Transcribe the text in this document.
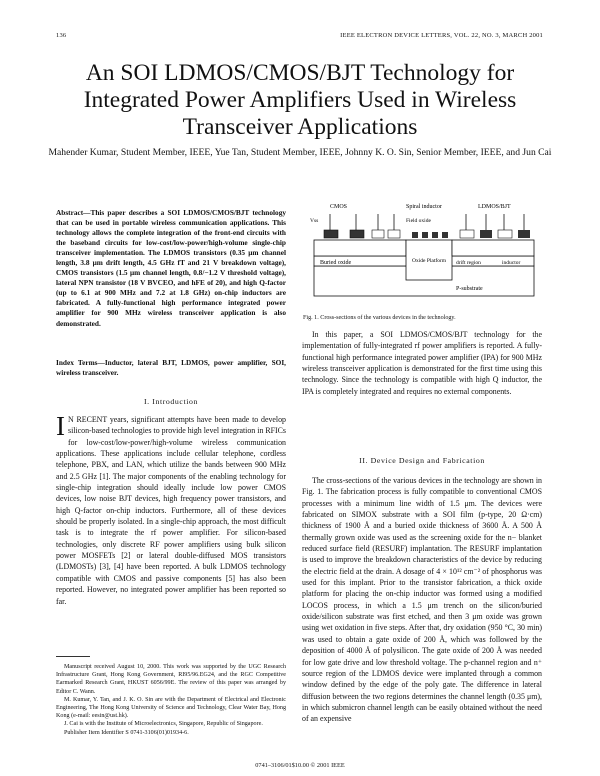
136	IEEE ELECTRON DEVICE LETTERS, VOL. 22, NO. 3, MARCH 2001
An SOI LDMOS/CMOS/BJT Technology for Integrated Power Amplifiers Used in Wireless Transceiver Applications
Mahender Kumar, Student Member, IEEE, Yue Tan, Student Member, IEEE, Johnny K. O. Sin, Senior Member, IEEE, and Jun Cai
Abstract—This paper describes a SOI LDMOS/CMOS/BJT technology that can be used in portable wireless communication applications. This technology allows the complete integration of the front-end circuits with the baseband circuits for low-cost/low-power/high-volume single-chip transceiver implementation. The LDMOS transistors (0.35 μm channel length, 3.8 μm drift length, 4.5 GHz fT and 21 V breakdown voltage), CMOS transistors (1.5 μm channel length, 0.8/−1.2 V threshold voltage), lateral NPN transistor (18 V BVCEO, and hFE of 20), and high Q-factor (up to 6.1 at 900 MHz and 7.2 at 1.8 GHz) on-chip inductors are fabricated. A fully-functional high performance integrated power amplifier for 900 MHz wireless transceiver application is also demonstrated.
Index Terms—Inductor, lateral BJT, LDMOS, power amplifier, SOI, wireless transceiver.
I. Introduction
I N RECENT years, significant attempts have been made to develop silicon-based technologies to provide high level integration in RFICs for low-cost/low-power/high-volume wireless communication applications. These applications include cellular telephone, cordless telephone, PBX, and LAN, which utilize the bands between 900 MHz and 2.5 GHz [1]. The major components of the enabling technology for single-chip integration should ideally include low power CMOS devices, low noise BJT devices, high frequency power transistors, and high Q-factor on-chip inductors. Furthermore, all of these devices should be properly isolated. In a single-chip approach, the most difficult task is to integrate the rf power amplifier. For silicon-based technologies, only discrete RF power amplifiers using bulk silicon power MOSFETs [2] or lateral double-diffused MOS transistors (LDMOSTs) [3], [4] have been reported. A bulk LDMOS technology compatible with CMOS and passive components [5] has also been reported. However, no integrated power amplifier has been reported so far.

Manuscript received August 10, 2000. This work was supported by the UGC Research Infrastructure Grant, Hong Kong Government, RI95/96.EG24, and the RGC Competitive Earmarked Research Grant, HKUST 6056/99E. The review of this paper was arranged by Editor C. Wann.

M. Kumar, Y. Tan, and J. K. O. Sin are with the Department of Electrical and Electronic Engineering, The Hong Kong University of Science and Technology, Clear Water Bay, Hong Kong (e-mail: eesin@ust.hk).

J. Cai is with the Institute of Microelectronics, Singapore, Republic of Singapore.

Publisher Item Identifier S 0741-3106(01)01934-6.

CMOS	Spiral inductor	LDMOS/BJT
Field oxide
Buried oxide	Oxide Platform drift region	inductor
P-substrate
Vss
Fig. 1. Cross-sections of the various devices in the technology.
In this paper, a SOI LDMOS/CMOS/BJT technology for the implementation of fully-integrated rf power amplifiers is reported. A fully-functional high performance integrated power amplifier (IPA) for 900 MHz wireless transceiver application is demonstrated for the first time using this technology. Since the technology is compatible with high Q inductor, the IPA is completely integrated and requires no external components.
II. Device Design and Fabrication
The cross-sections of the various devices in the technology are shown in Fig. 1. The fabrication process is fully compatible to conventional CMOS processes with a minimum line width of 1.5 μm. The devices were fabricated on SIMOX substrate with a SOI film (p-type, 20 Ω·cm) thickness of 1900 Å and a buried oxide thickness of 3600 Å. A 500 Å thermally grown oxide was used as the screening oxide for the n− blanket reduced surface field (RESURF) implantation. The RESURF implantation is used to improve the breakdown characteristics of the device by reducing the electric field at the drain. A dosage of 4 × 10¹² cm⁻² of phosphorus was used for this implant. Prior to the transistor fabrication, a thick oxide platform for placing the on-chip inductor was formed using a modified LOCOS process, in which a 1.5 μm trench on the silicon/buried oxide/silicon substrate was first etched, and then 3 μm oxide was grown using wet oxidation in five steps. After that, dry oxidation (950 °C, 30 min) was used to obtain a gate oxide of 200 Å, which was followed by the deposition of 4000 Å of polysilicon. The gate oxide of 200 Å was needed for low gate drive and low threshold voltage. The p-channel region and n⁺ source region of the LDMOS device were implanted through a common window defined by the edge of the poly gate. The difference in lateral diffusion between the two regions determines the channel length (0.35 μm), in which submicron channel length can be easily obtained without the need of an expensive
0741–3106/01$10.00 © 2001 IEEE
